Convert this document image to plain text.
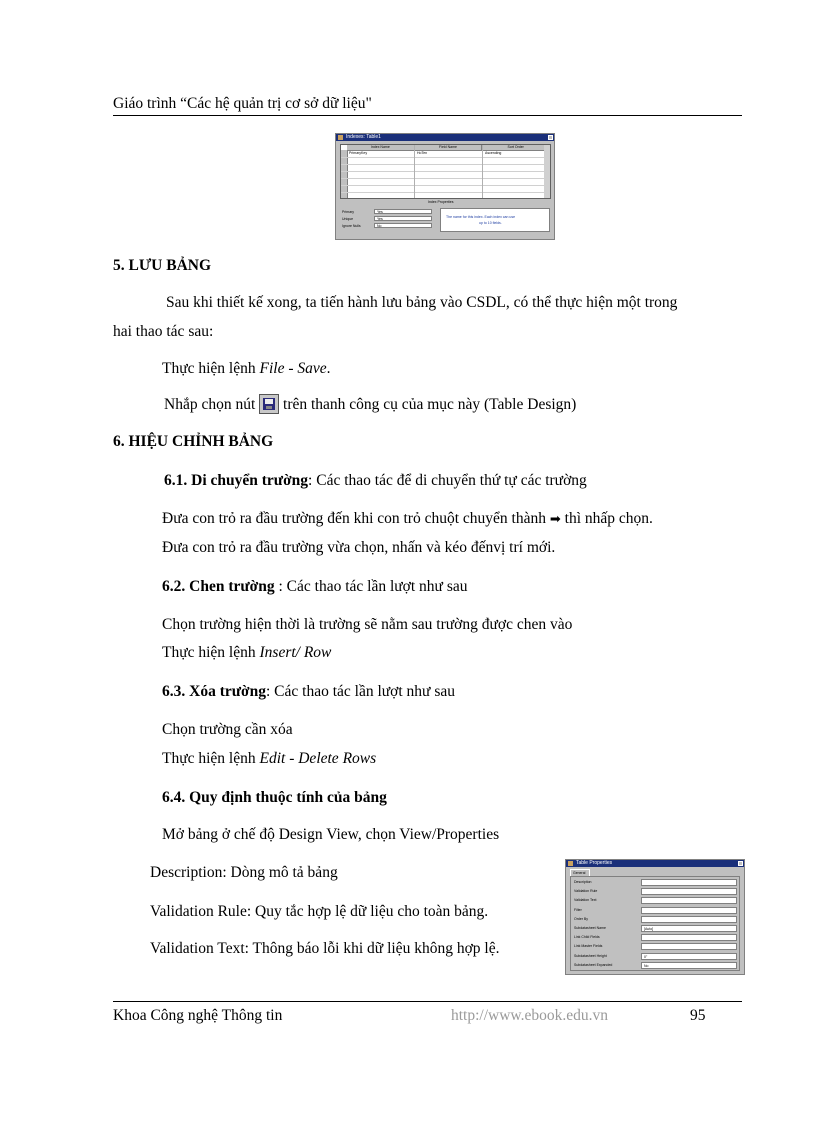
Giáo trình “Các hệ quản trị cơ sở dữ liệu"
Indexes: Table1
Index Name	Field Name	Sort Order
PrimaryKey	HoTen	Ascending
Index Properties
Primary	Yes
Unique	Yes
Ignore Nulls	No
The name for this index. Each index can use
up to 10 fields.
5. LƯU BẢNG
Sau khi thiết kế xong, ta tiến hành lưu bảng vào CSDL, có thể thực hiện một trong
hai thao tác sau:
Thực hiện lệnh File - Save.
Nhắp chọn nút
trên thanh công cụ của mục này (Table Design)
6. HIỆU CHỈNH BẢNG
6.1. Di chuyển trường: Các thao tác để di chuyển thứ tự các trường
Đưa con trỏ ra đầu trường đến khi con trỏ chuột chuyển thành ➡ thì nhấp chọn.
Đưa con trỏ ra đầu trường vừa chọn, nhấn và kéo đếnvị trí mới.
6.2. Chen trường : Các thao tác lần lượt như sau
Chọn trường hiện thời là trường sẽ nằm sau trường được chen vào
Thực hiện lệnh Insert/ Row
6.3. Xóa trường: Các thao tác lần lượt như sau
Chọn trường cần xóa
Thực hiện lệnh Edit - Delete Rows
6.4. Quy định thuộc tính của bảng
Mở bảng ở chế độ Design View, chọn View/Properties
Description: Dòng mô tả bảng
Validation Rule: Quy tắc hợp lệ dữ liệu cho toàn bảng.
Validation Text: Thông báo lỗi khi dữ liệu không hợp lệ.
Table Properties
General
Description
Validation Rule
Validation Text
Filter
Order By
Subdatasheet Name	[Auto]
Link Child Fields
Link Master Fields
Subdatasheet Height	0"
Subdatasheet Expanded	No
Khoa Công nghệ Thông tin	http://www.ebook.edu.vn	95
